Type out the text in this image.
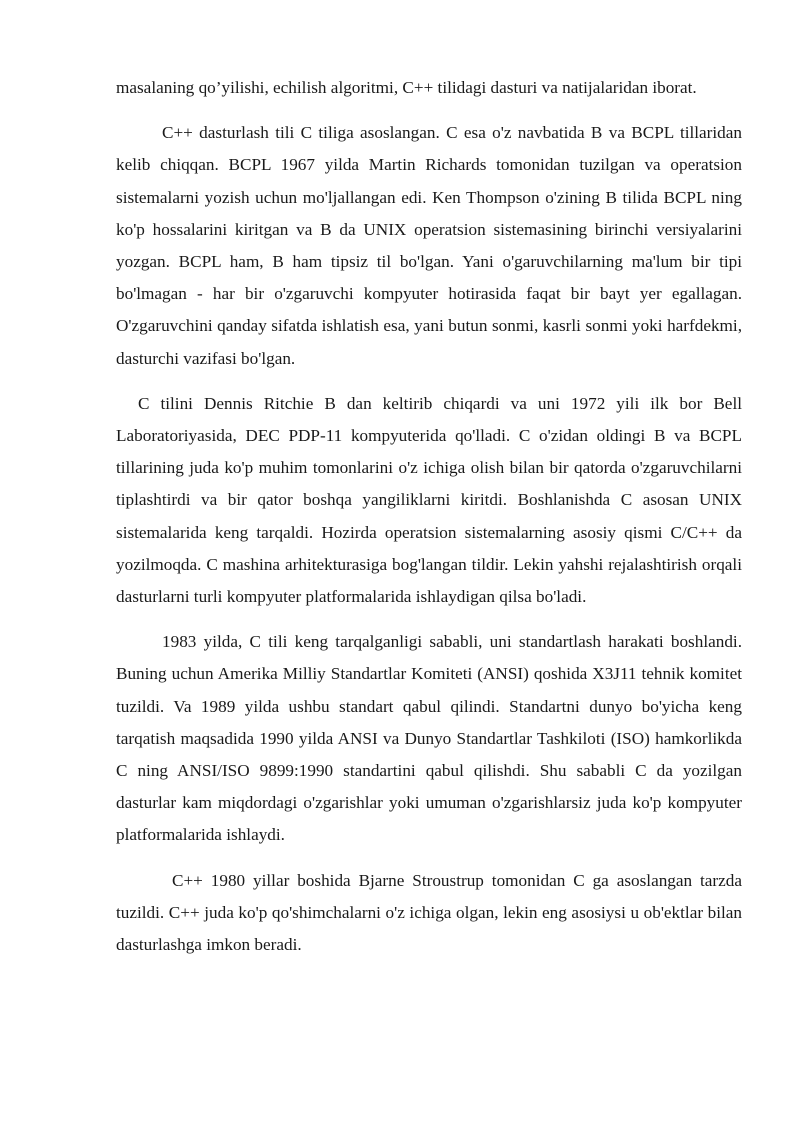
masalaning qo’yilishi, echilish algoritmi, C++ tilidagi dasturi va natijalaridan iborat.

C++ dasturlash tili C tiliga asoslangan. C esa o'z navbatida B va BCPL tillaridan kelib chiqqan. BCPL 1967 yilda Martin Richards tomonidan tuzilgan va operatsion sistemalarni yozish uchun mo'ljallangan edi. Ken Thompson o'zining B tilida BCPL ning ko'p hossalarini kiritgan va B da UNIX operatsion sistemasining birinchi versiyalarini yozgan. BCPL ham, B ham tipsiz til bo'lgan. Yani o'garuvchilarning ma'lum bir tipi bo'lmagan - har bir o'zgaruvchi kompyuter hotirasida faqat bir bayt yer egallagan. O'zgaruvchini qanday sifatda ishlatish esa, yani butun sonmi, kasrli sonmi yoki harfdekmi, dasturchi vazifasi bo'lgan.

C tilini Dennis Ritchie B dan keltirib chiqardi va uni 1972 yili ilk bor Bell Laboratoriyasida, DEC PDP-11 kompyuterida qo'lladi. C o'zidan oldingi B va BCPL tillarining juda ko'p muhim tomonlarini o'z ichiga olish bilan bir qatorda o'zgaruvchilarni tiplashtirdi va bir qator boshqa yangiliklarni kiritdi. Boshlanishda C asosan UNIX sistemalarida keng tarqaldi. Hozirda operatsion sistemalarning asosiy qismi C/C++ da yozilmoqda. C mashina arhitekturasiga bog'langan tildir. Lekin yahshi rejalashtirish orqali dasturlarni turli kompyuter platformalarida ishlaydigan qilsa bo'ladi.

1983 yilda, C tili keng tarqalganligi sababli, uni standartlash harakati boshlandi. Buning uchun Amerika Milliy Standartlar Komiteti (ANSI) qoshida X3J11 tehnik komitet tuzildi. Va 1989 yilda ushbu standart qabul qilindi. Standartni dunyo bo'yicha keng tarqatish maqsadida 1990 yilda ANSI va Dunyo Standartlar Tashkiloti (ISO) hamkorlikda C ning ANSI/ISO 9899:1990 standartini qabul qilishdi. Shu sababli C da yozilgan dasturlar kam miqdordagi o'zgarishlar yoki umuman o'zgarishlarsiz juda ko'p kompyuter platformalarida ishlaydi.

C++ 1980 yillar boshida Bjarne Stroustrup tomonidan C ga asoslangan tarzda tuzildi. C++ juda ko'p qo'shimchalarni o'z ichiga olgan, lekin eng asosiysi u ob'ektlar bilan dasturlashga imkon beradi.
